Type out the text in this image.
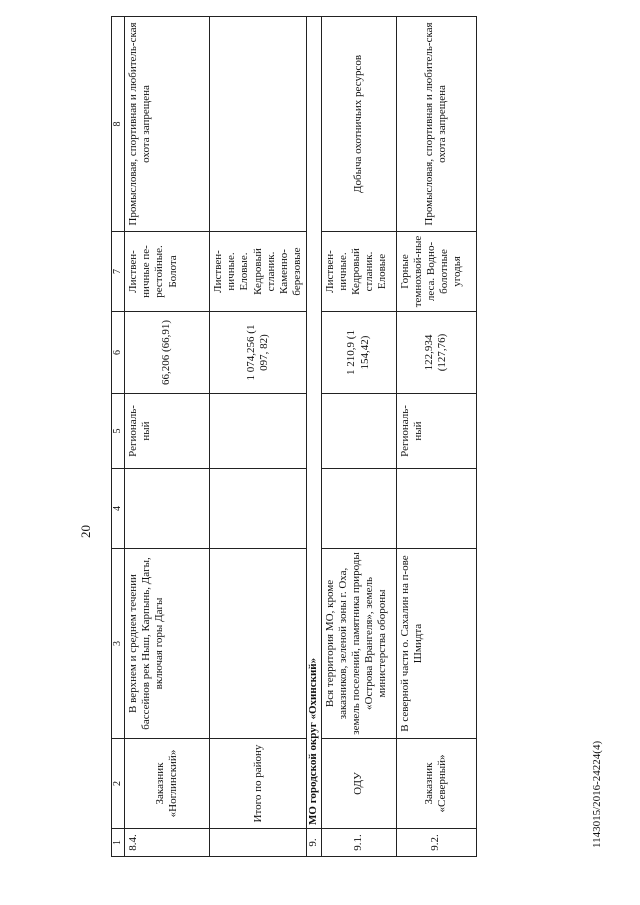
20
1	2	3	4	5	6	7	8
8.4.	Заказник «Ноглинский»	В верхнем и среднем течении бассейнов рек Ныш, Карпынь, Дагы, включая горы Дагы		Региональ-ный	66,206 (66,91)	Листвен-ничные пе-рестойные. Болота	Промысловая, спортивная и любитель-ская охота запрещена
	Итого по району				1 074,256 (1 097, 82)	Листвен-ничные. Еловые. Кедровый стланик. Каменно-березовые	
9.	МО городской округ «Охинский»						
9.1.	ОДУ	Вся территория МО, кроме заказников, зеленой зоны г. Оха, земель поселений, памятника природы «Острова Врангеля», земель министерства обороны			1 210,9 (1 154,42)	Листвен-ничные. Кедровый стланик. Еловые	Добыча охотничьих ресурсов
9.2.	Заказник «Северный»	В северной части о. Сахалин на п-ове Шмидта		Региональ-ный	122,934 (127,76)	Горные темнохвой-ные леса. Водно-болотные угодья	Промысловая, спортивная и любитель-ская охота запрещена
1143015/2016-24224(4)
